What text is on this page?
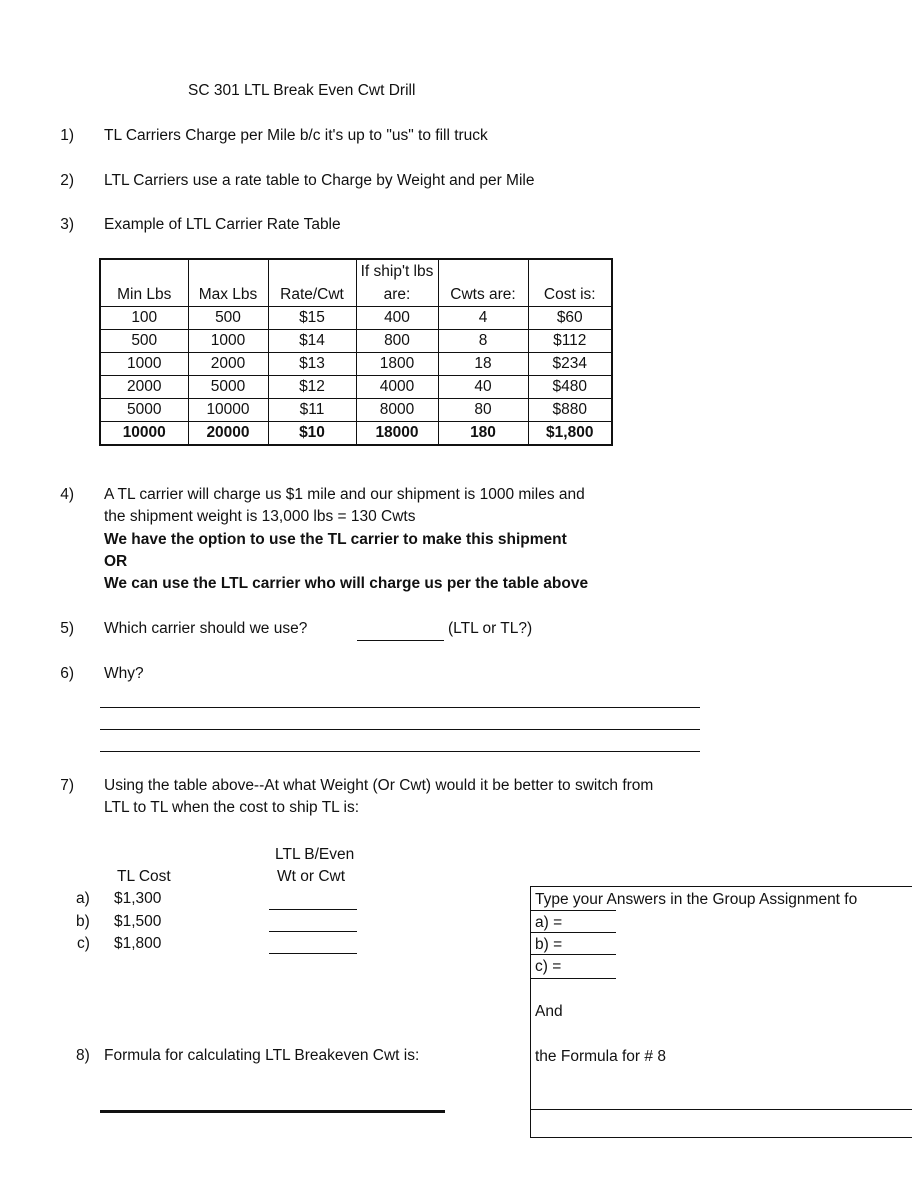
SC 301 LTL Break Even Cwt Drill
1) TL Carriers Charge per Mile b/c it's up to "us" to fill truck
2) LTL Carriers use a rate table to Charge by Weight and per Mile
3) Example of LTL Carrier Rate Table
			If ship't lbs		
Min Lbs	Max Lbs	Rate/Cwt	are:	Cwts are:	Cost is:
100	500	$15	400	4	$60
500	1000	$14	800	8	$112
1000	2000	$13	1800	18	$234
2000	5000	$12	4000	40	$480
5000	10000	$11	8000	80	$880
10000	20000	$10	18000	180	$1,800
4) A TL carrier will charge us $1 mile and our shipment is 1000 miles and
the shipment weight is 13,000 lbs = 130 Cwts
We have the option to use the TL carrier to make this shipment
OR
We can use the LTL carrier who will charge us per the table above
5) Which carrier should we use?	(LTL or TL?)
6) Why?
7) Using the table above--At what Weight (Or Cwt) would it be better to switch from
LTL to TL when the cost to ship TL is:
LTL B/Even
Wt or Cwt
TL Cost
a) $1,300
b) $1,500
c) $1,800
8) Formula for calculating LTL Breakeven Cwt is:
Type your Answers in the Group Assignment fo
a) =
b) =
c) =
And
the Formula for # 8
